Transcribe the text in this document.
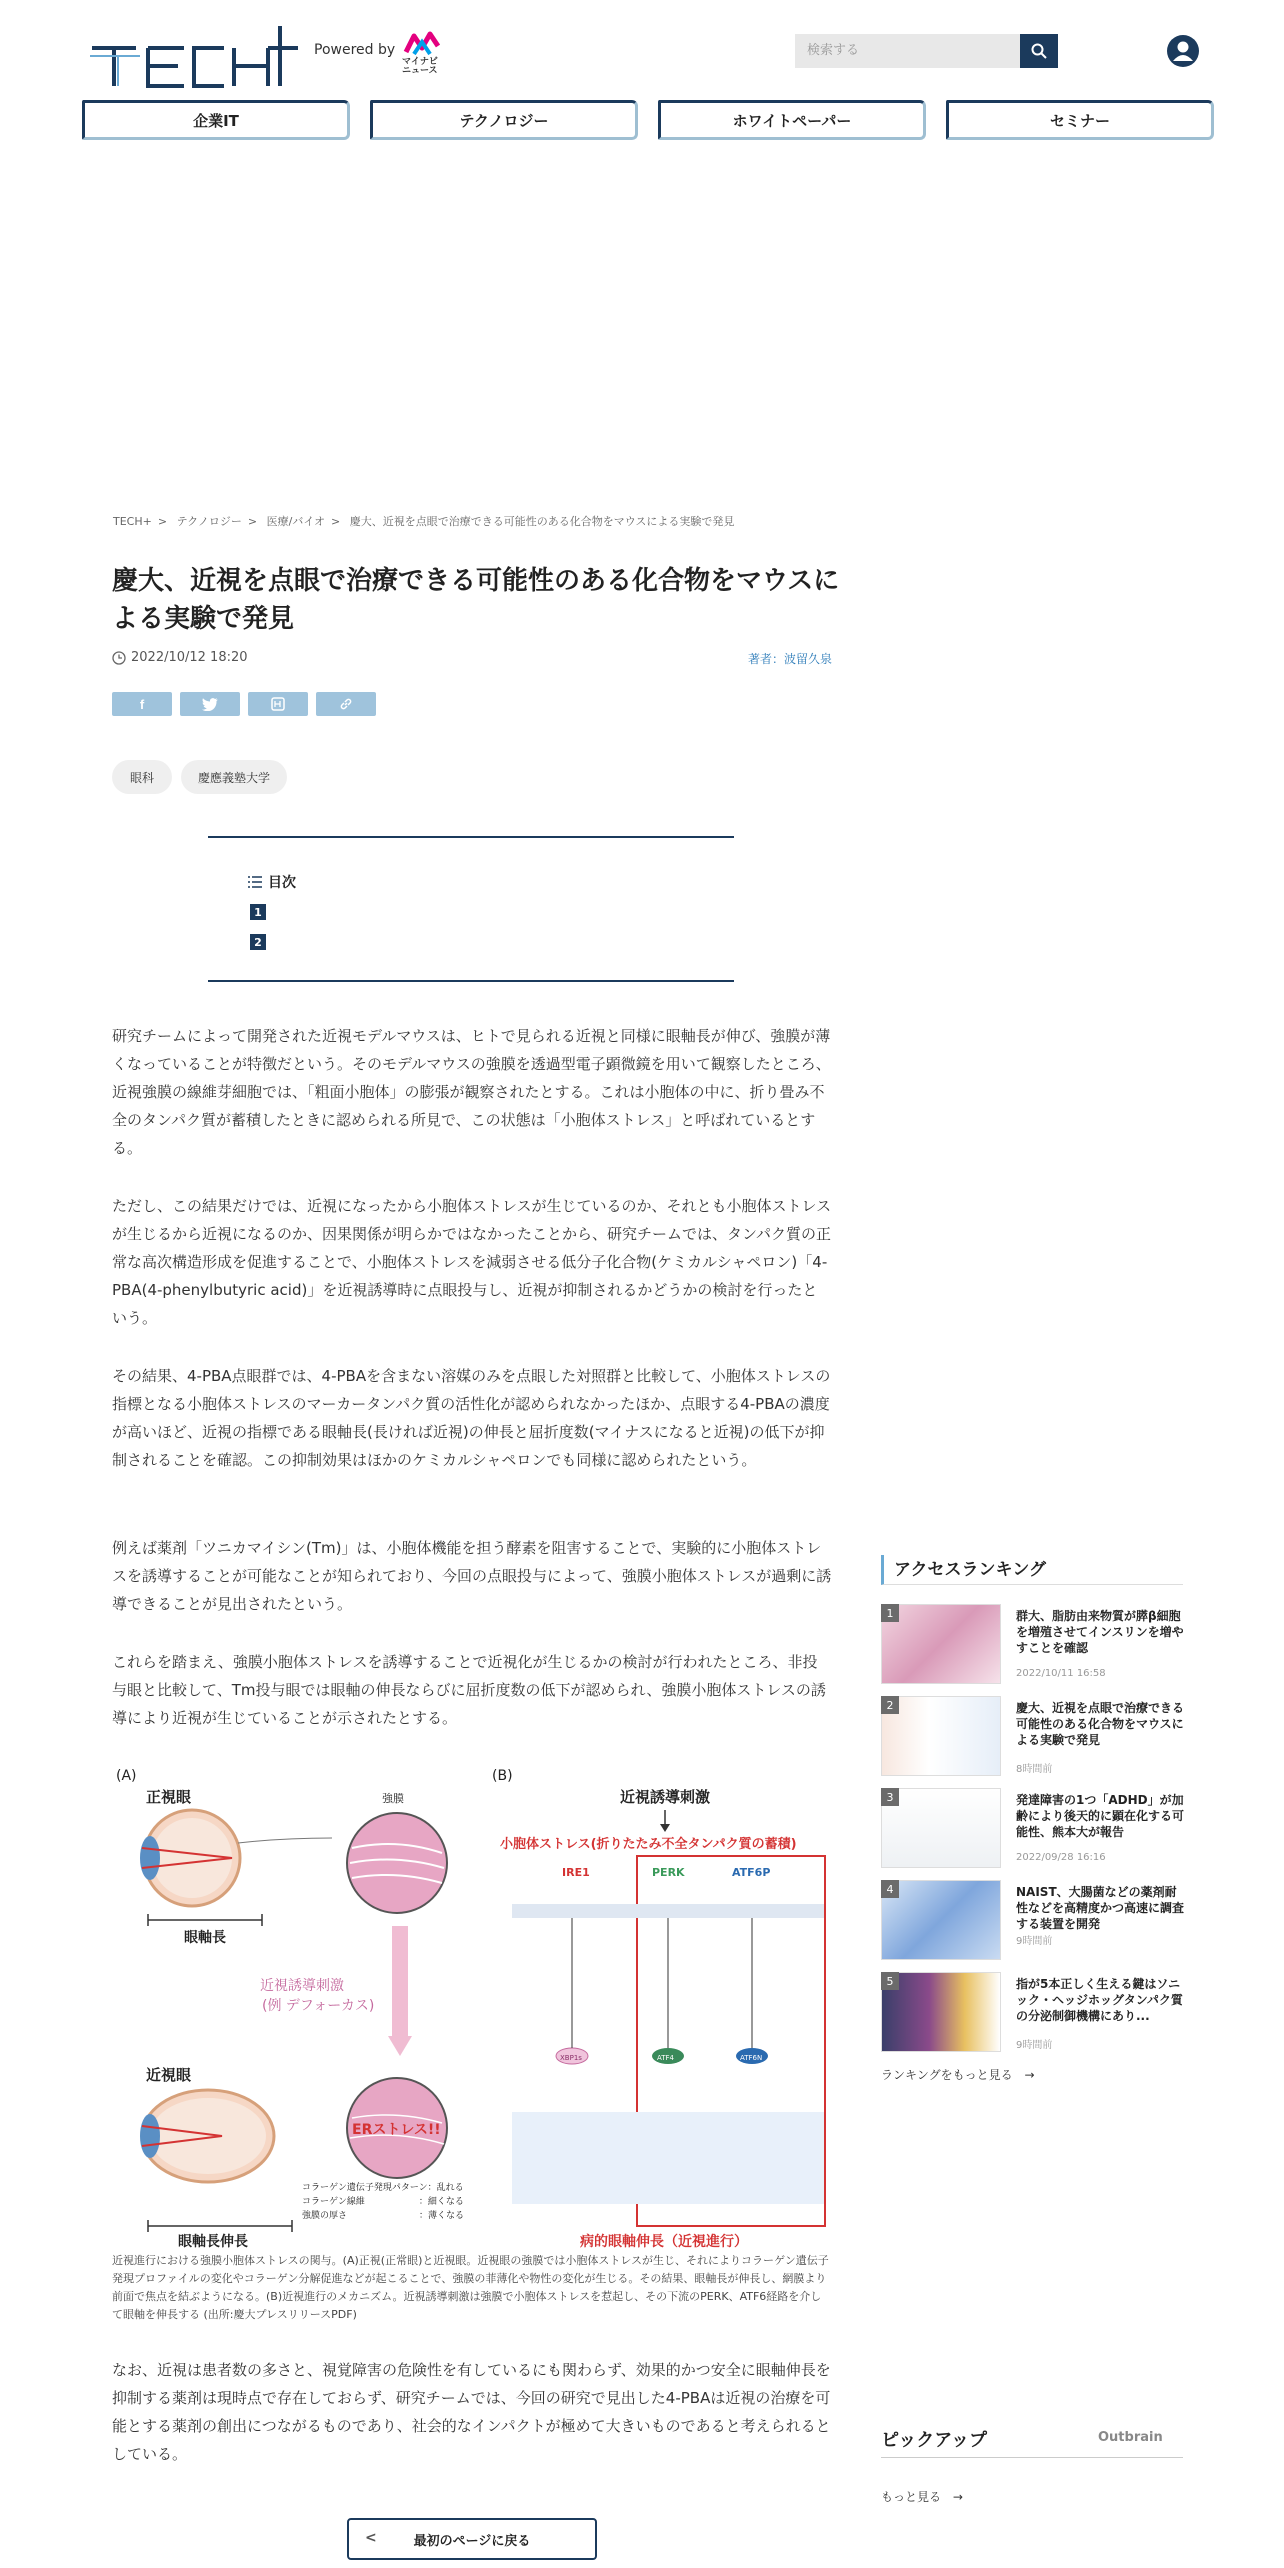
Powered by
マイナビ ニュース
検索する
企業IT	テクノロジー	ホワイトペーパー	セミナー
TECH+ > テクノロジー > 医療/バイオ > 慶大、近視を点眼で治療できる可能性のある化合物をマウスによる実験で発見
慶大、近視を点眼で治療できる可能性のある化合物をマウスによる実験で発見
2022/10/12 18:20	著者：波留久泉
f
眼科	慶應義塾大学
目次
1
2

研究チームによって開発された近視モデルマウスは、ヒトで見られる近視と同様に眼軸長が伸び、強膜が薄くなっていることが特徴だという。そのモデルマウスの強膜を透過型電子顕微鏡を用いて観察したところ、近視強膜の線維芽細胞では、「粗面小胞体」の膨張が観察されたとする。これは小胞体の中に、折り畳み不全のタンパク質が蓄積したときに認められる所見で、この状態は「小胞体ストレス」と呼ばれているとする。

ただし、この結果だけでは、近視になったから小胞体ストレスが生じているのか、それとも小胞体ストレスが生じるから近視になるのか、因果関係が明らかではなかったことから、研究チームでは、タンパク質の正常な高次構造形成を促進することで、小胞体ストレスを減弱させる低分子化合物(ケミカルシャペロン)「4-PBA(4-phenylbutyric acid)」を近視誘導時に点眼投与し、近視が抑制されるかどうかの検討を行ったという。

その結果、4-PBA点眼群では、4-PBAを含まない溶媒のみを点眼した対照群と比較して、小胞体ストレスの指標となる小胞体ストレスのマーカータンパク質の活性化が認められなかったほか、点眼する4-PBAの濃度が高いほど、近視の指標である眼軸長(長ければ近視)の伸長と屈折度数(マイナスになると近視)の低下が抑制されることを確認。この抑制効果はほかのケミカルシャペロンでも同様に認められたという。

例えば薬剤「ツニカマイシン(Tm)」は、小胞体機能を担う酵素を阻害することで、実験的に小胞体ストレスを誘導することが可能なことが知られており、今回の点眼投与によって、強膜小胞体ストレスが過剰に誘導できることが見出されたという。

これらを踏まえ、強膜小胞体ストレスを誘導することで近視化が生じるかの検討が行われたところ、非投与眼と比較して、Tm投与眼では眼軸の伸長ならびに屈折度数の低下が認められ、強膜小胞体ストレスの誘導により近視が生じていることが示されたとする。

(A)
正視眼	強膜
眼軸長
近視誘導刺激
(例 デフォーカス)
近視眼
ERストレス!!
コラーゲン遺伝子発現パターン：乱れる
コラーゲン線維　　　　　　：細くなる
強膜の厚さ　　　　　　　　：薄くなる
眼軸長伸長
(B)
近視誘導刺激
小胞体ストレス(折りたたみ不全タンパク質の蓄積)
IRE1	PERK	ATF6P
XBP1s	ATF4	ATF6N
病的眼軸伸長（近視進行）

近視進行における強膜小胞体ストレスの関与。(A)正視(正常眼)と近視眼。近視眼の強膜では小胞体ストレスが生じ、それによりコラーゲン遺伝子発現プロファイルの変化やコラーゲン分解促進などが起こることで、強膜の菲薄化や物性の変化が生じる。その結果、眼軸長が伸長し、網膜より前面で焦点を結ぶようになる。(B)近視進行のメカニズム。近視誘導刺激は強膜で小胞体ストレスを惹起し、その下流のPERK、ATF6経路を介して眼軸を伸長する (出所:慶大プレスリリースPDF)

なお、近視は患者数の多さと、視覚障害の危険性を有しているにも関わらず、効果的かつ安全に眼軸伸長を抑制する薬剤は現時点で存在しておらず、研究チームでは、今回の研究で見出した4-PBAは近視の治療を可能とする薬剤の創出につながるものであり、社会的なインパクトが極めて大きいものであると考えられるとしている。

<	最初のページに戻る
アクセスランキング
1	群大、脂肪由来物質が膵β細胞を増殖させてインスリンを増やすことを確認
2022/10/11 16:58
2	慶大、近視を点眼で治療できる可能性のある化合物をマウスによる実験で発見
8時間前
3	発達障害の1つ「ADHD」が加齢により後天的に顕在化する可能性、熊本大が報告
2022/09/28 16:16
4	NAIST、大腸菌などの薬剤耐性などを高精度かつ高速に調査する装置を開発
9時間前
5	指が5本正しく生える鍵はソニック・ヘッジホッグタンパク質の分泌制御機構にあり...
9時間前
ランキングをもっと見る →
ピックアップ	Outbrain
もっと見る →
